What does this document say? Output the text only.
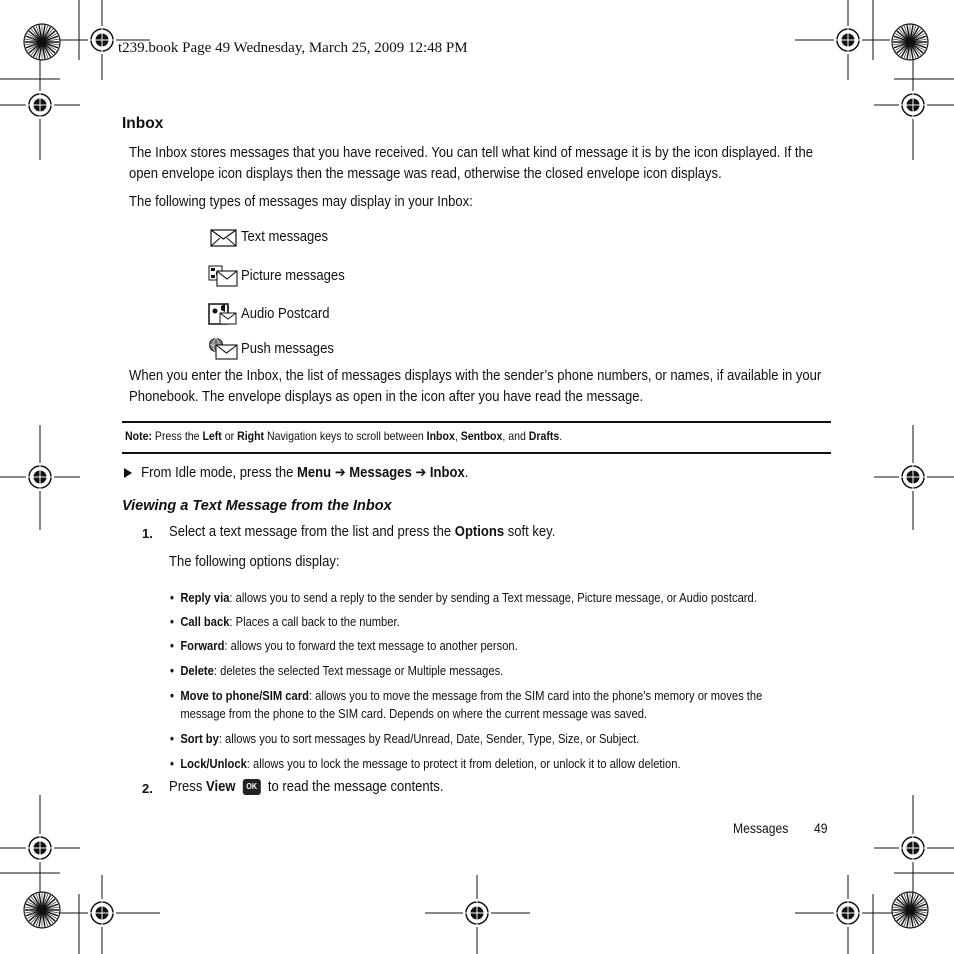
t239.book Page 49 Wednesday, March 25, 2009 12:48 PM
Inbox
The Inbox stores messages that you have received. You can tell what kind of message it is by the icon displayed. If the open envelope icon displays then the message was read, otherwise the closed envelope icon displays.
The following types of messages may display in your Inbox:
Text messages
Picture messages
Audio Postcard
Push messages
When you enter the Inbox, the list of messages displays with the sender’s phone numbers, or names, if available in your Phonebook. The envelope displays as open in the icon after you have read the message.
Note: Press the Left or Right Navigation keys to scroll between Inbox, Sentbox, and Drafts.
From Idle mode, press the Menu ➔ Messages ➔ Inbox.
Viewing a Text Message from the Inbox
1. Select a text message from the list and press the Options soft key.
The following options display:
• Reply via: allows you to send a reply to the sender by sending a Text message, Picture message, or Audio postcard.
• Call back: Places a call back to the number.
• Forward: allows you to forward the text message to another person.
• Delete: deletes the selected Text message or Multiple messages.
• Move to phone/SIM card: allows you to move the message from the SIM card into the phone’s memory or moves the
message from the phone to the SIM card. Depends on where the current message was saved.
• Sort by: allows you to sort messages by Read/Unread, Date, Sender, Type, Size, or Subject.
• Lock/Unlock: allows you to lock the message to protect it from deletion, or unlock it to allow deletion.
2. Press View OK to read the message contents.
Messages 49
